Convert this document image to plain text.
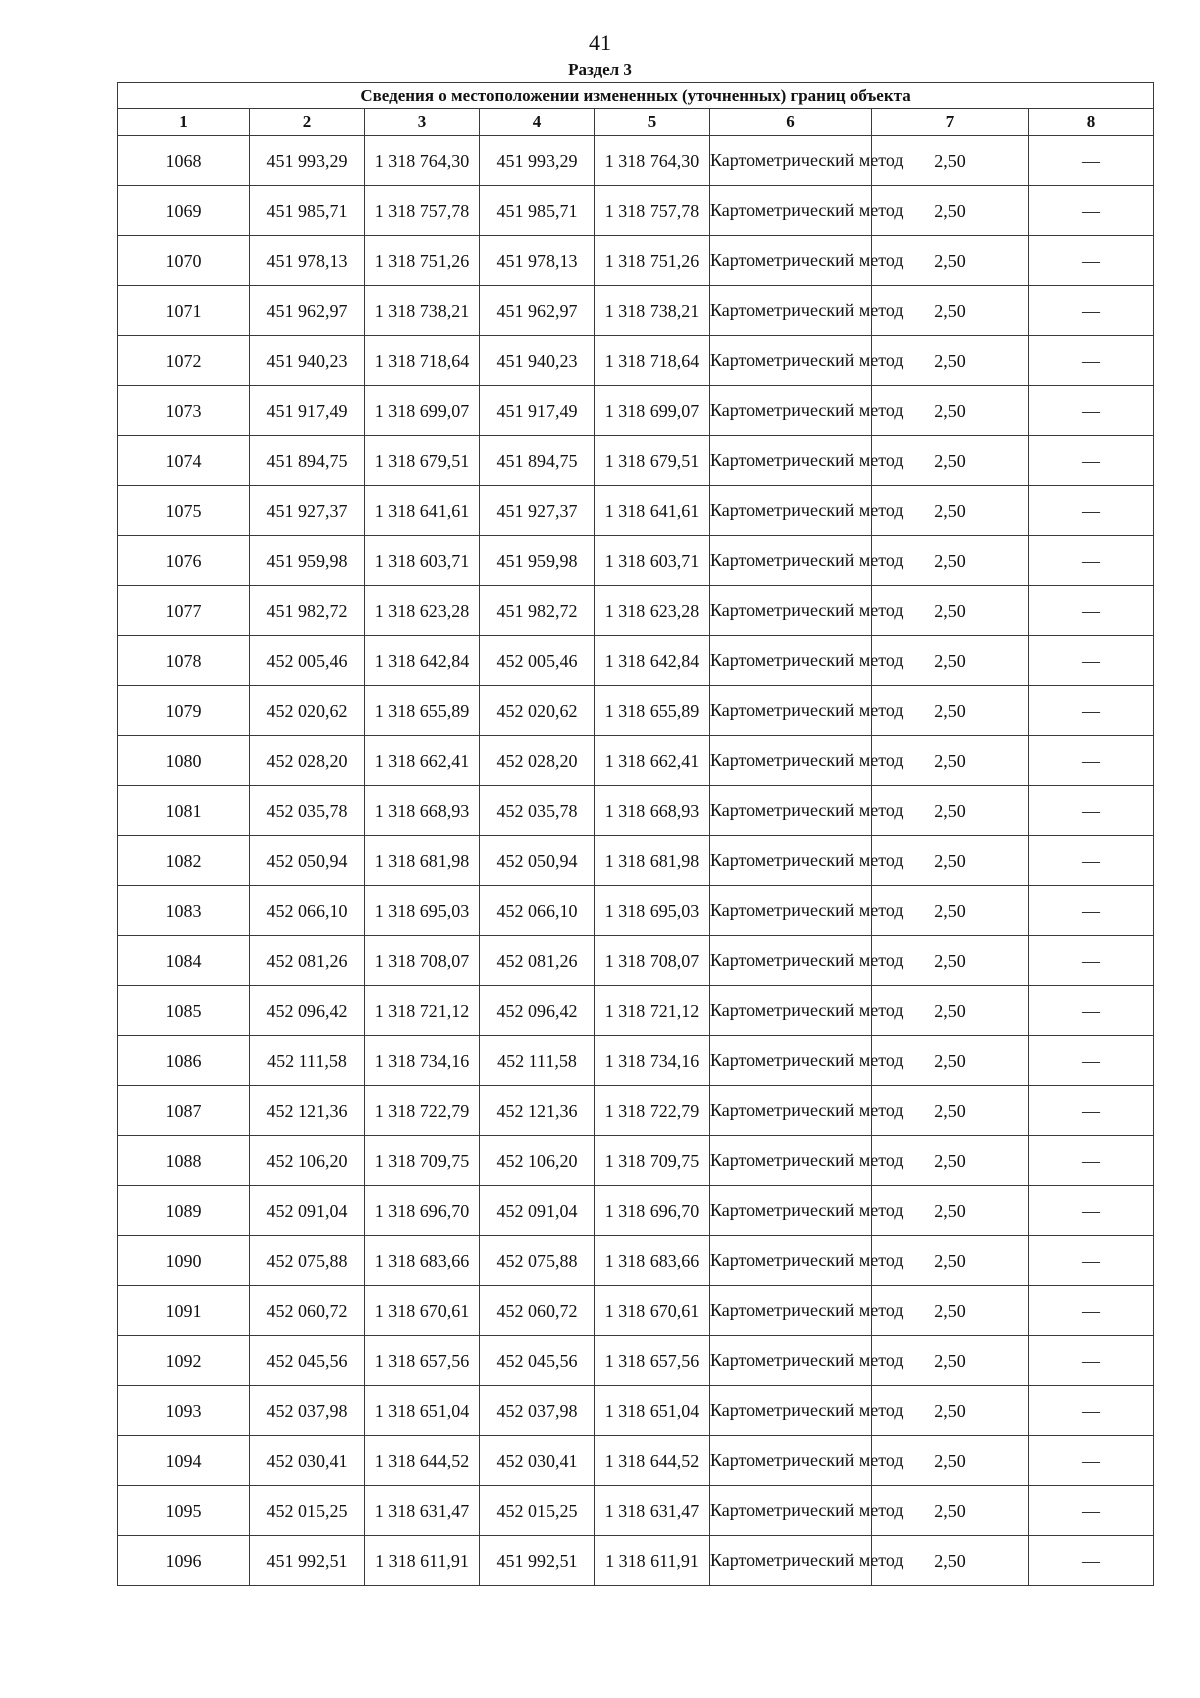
41
Раздел 3
Сведения о местоположении измененных (уточненных) границ объекта							
1	2	3	4	5	6	7	8
1068	451 993,29	1 318 764,30	451 993,29	1 318 764,30	Картометрический метод	2,50	—
1069	451 985,71	1 318 757,78	451 985,71	1 318 757,78	Картометрический метод	2,50	—
1070	451 978,13	1 318 751,26	451 978,13	1 318 751,26	Картометрический метод	2,50	—
1071	451 962,97	1 318 738,21	451 962,97	1 318 738,21	Картометрический метод	2,50	—
1072	451 940,23	1 318 718,64	451 940,23	1 318 718,64	Картометрический метод	2,50	—
1073	451 917,49	1 318 699,07	451 917,49	1 318 699,07	Картометрический метод	2,50	—
1074	451 894,75	1 318 679,51	451 894,75	1 318 679,51	Картометрический метод	2,50	—
1075	451 927,37	1 318 641,61	451 927,37	1 318 641,61	Картометрический метод	2,50	—
1076	451 959,98	1 318 603,71	451 959,98	1 318 603,71	Картометрический метод	2,50	—
1077	451 982,72	1 318 623,28	451 982,72	1 318 623,28	Картометрический метод	2,50	—
1078	452 005,46	1 318 642,84	452 005,46	1 318 642,84	Картометрический метод	2,50	—
1079	452 020,62	1 318 655,89	452 020,62	1 318 655,89	Картометрический метод	2,50	—
1080	452 028,20	1 318 662,41	452 028,20	1 318 662,41	Картометрический метод	2,50	—
1081	452 035,78	1 318 668,93	452 035,78	1 318 668,93	Картометрический метод	2,50	—
1082	452 050,94	1 318 681,98	452 050,94	1 318 681,98	Картометрический метод	2,50	—
1083	452 066,10	1 318 695,03	452 066,10	1 318 695,03	Картометрический метод	2,50	—
1084	452 081,26	1 318 708,07	452 081,26	1 318 708,07	Картометрический метод	2,50	—
1085	452 096,42	1 318 721,12	452 096,42	1 318 721,12	Картометрический метод	2,50	—
1086	452 111,58	1 318 734,16	452 111,58	1 318 734,16	Картометрический метод	2,50	—
1087	452 121,36	1 318 722,79	452 121,36	1 318 722,79	Картометрический метод	2,50	—
1088	452 106,20	1 318 709,75	452 106,20	1 318 709,75	Картометрический метод	2,50	—
1089	452 091,04	1 318 696,70	452 091,04	1 318 696,70	Картометрический метод	2,50	—
1090	452 075,88	1 318 683,66	452 075,88	1 318 683,66	Картометрический метод	2,50	—
1091	452 060,72	1 318 670,61	452 060,72	1 318 670,61	Картометрический метод	2,50	—
1092	452 045,56	1 318 657,56	452 045,56	1 318 657,56	Картометрический метод	2,50	—
1093	452 037,98	1 318 651,04	452 037,98	1 318 651,04	Картометрический метод	2,50	—
1094	452 030,41	1 318 644,52	452 030,41	1 318 644,52	Картометрический метод	2,50	—
1095	452 015,25	1 318 631,47	452 015,25	1 318 631,47	Картометрический метод	2,50	—
1096	451 992,51	1 318 611,91	451 992,51	1 318 611,91	Картометрический метод	2,50	—
